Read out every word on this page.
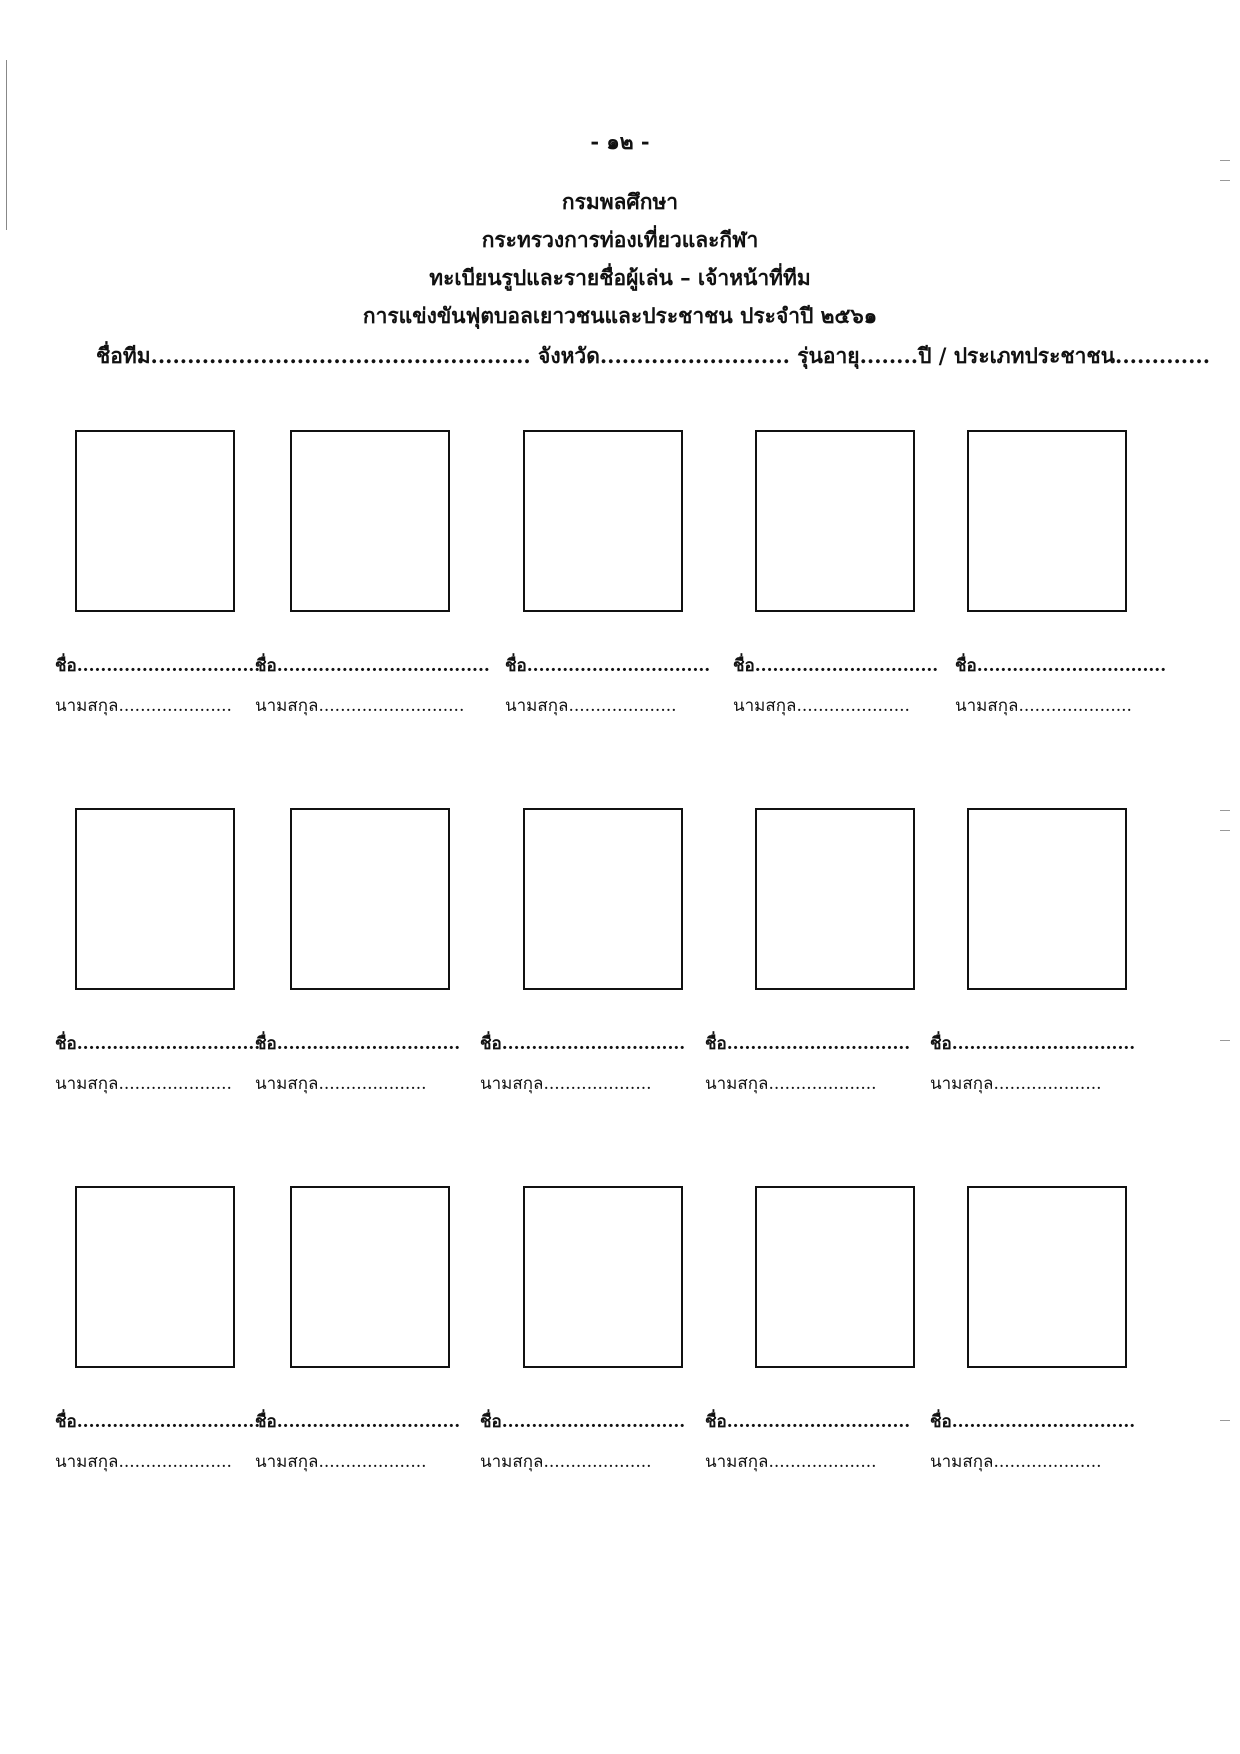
- ๑๒ -
กรมพลศึกษา
กระทรวงการท่องเที่ยวและกีฬา
ทะเบียนรูปและรายชื่อผู้เล่น – เจ้าหน้าที่ทีม
การแข่งขันฟุตบอลเยาวชนและประชาชน ประจำปี ๒๕๖๑
ชื่อทีม.................................................... จังหวัด.......................... รุ่นอายุ........ปี / ประเภทประชาชน.............
ชื่อ...............................
นามสกุล.....................
ชื่อ....................................
นามสกุล...........................
ชื่อ...............................
นามสกุล....................
ชื่อ...............................
นามสกุล.....................
ชื่อ................................
นามสกุล.....................
ชื่อ...............................
นามสกุล.....................
ชื่อ...............................
นามสกุล....................
ชื่อ...............................
นามสกุล....................
ชื่อ...............................
นามสกุล....................
ชื่อ...............................
นามสกุล....................
ชื่อ...............................
นามสกุล.....................
ชื่อ...............................
นามสกุล....................
ชื่อ...............................
นามสกุล....................
ชื่อ...............................
นามสกุล....................
ชื่อ...............................
นามสกุล....................
